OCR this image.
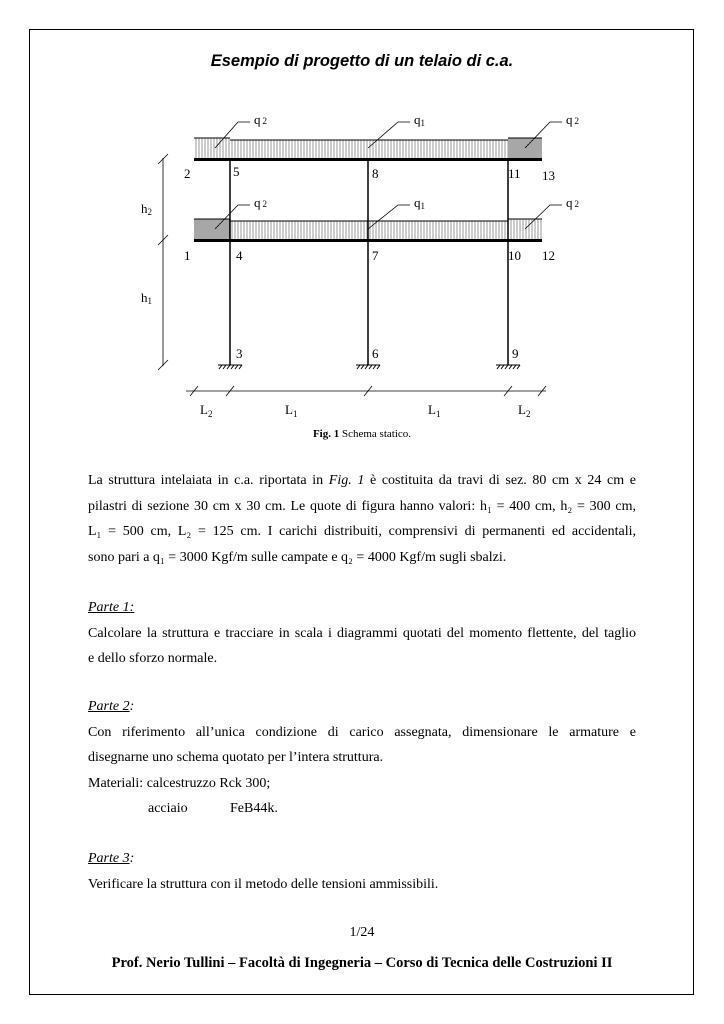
Esempio di progetto di un telaio di c.a.
q 2	q1	q 2
q 2	q1	q 2
1
2
3
4
5
6
7
8
9
10
11
12
13
h2
h1
$L_2$	$L_1$	$L_1$	$L_2$
Fig. 1 Schema statico.
La struttura intelaiata in c.a. riportata in Fig. 1 è costituita da travi di sez. 80 cm x 24 cm e
pilastri di sezione 30 cm x 30 cm. Le quote di figura hanno valori: h₁ = 400 cm, h₂ = 300 cm,
L₁ = 500 cm, L₂ = 125 cm. I carichi distribuiti, comprensivi di permanenti ed accidentali,
sono pari a q₁ = 3000 Kgf/m sulle campate e q₂ = 4000 Kgf/m sugli sbalzi.
Parte 1:
Calcolare la struttura e tracciare in scala i diagrammi quotati del momento flettente, del taglio
e dello sforzo normale.
Parte 2:
Con riferimento all’unica condizione di carico assegnata, dimensionare le armature e
disegnarne uno schema quotato per l’intera struttura.
Materiali: calcestruzzo Rck 300;
acciaio	FeB44k.
Parte 3:
Verificare la struttura con il metodo delle tensioni ammissibili.
1/24
Prof. Nerio Tullini – Facoltà di Ingegneria – Corso di Tecnica delle Costruzioni II
